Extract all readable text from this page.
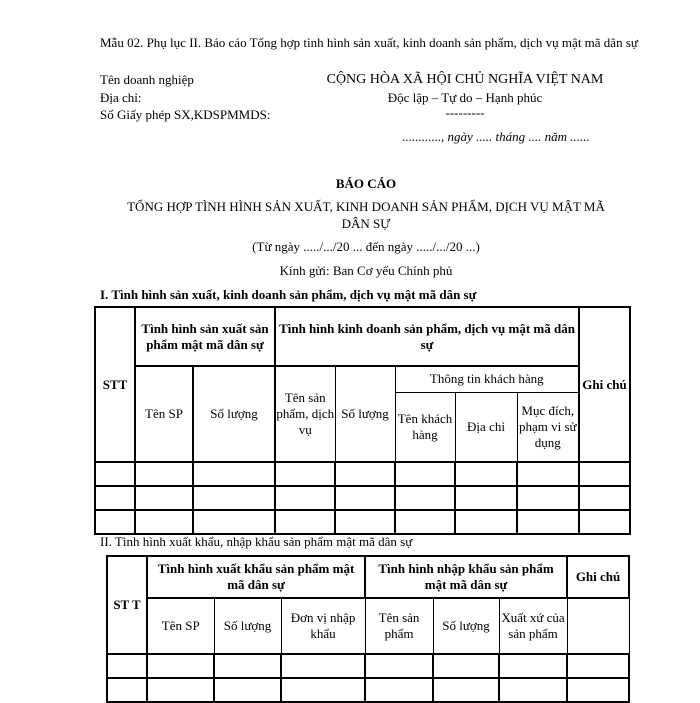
Mẫu 02. Phụ lục II. Báo cáo Tổng hợp tình hình sản xuất, kinh doanh sản phẩm, dịch vụ mật mã dân sự
Tên doanh nghiệp
Địa chỉ:
Số Giấy phép SX,KDSPMMDS:
CỘNG HÒA XÃ HỘI CHỦ NGHĨA VIỆT NAM
Độc lập – Tự do – Hạnh phúc
---------
............, ngày ..... tháng .... năm ......
BÁO CÁO
TỔNG HỢP TÌNH HÌNH SẢN XUẤT, KINH DOANH SẢN PHẨM, DỊCH VỤ MẬT MÃ
DÂN SỰ
(Từ ngày ...../.../20 ... đến ngày ...../.../20 ...)
Kính gửi: Ban Cơ yếu Chính phủ
I. Tình hình sản xuất, kinh doanh sản phẩm, dịch vụ mật mã dân sự
STT	Tình hình sản xuất sản phẩm mật mã dân sự		Tình hình kinh doanh sản phẩm, dịch vụ mật mã dân sự					Ghi chú
	Tên SP	Số lượng	Tên sản phẩm, dịch vụ	Số lượng	Thông tin khách hàng			
					Tên khách hàng	Địa chỉ	Mục đích, phạm vi sử dụng	

II. Tình hình xuất khẩu, nhập khẩu sản phẩm mật mã dân sự
ST T	Tình hình xuất khẩu sản phẩm mật mã dân sự			Tình hình nhập khẩu sản phẩm mật mã dân sự			Ghi chú
	Tên SP	Số lượng	Đơn vị nhập khẩu	Tên sản phẩm	Số lượng	Xuất xứ của sản phẩm	
